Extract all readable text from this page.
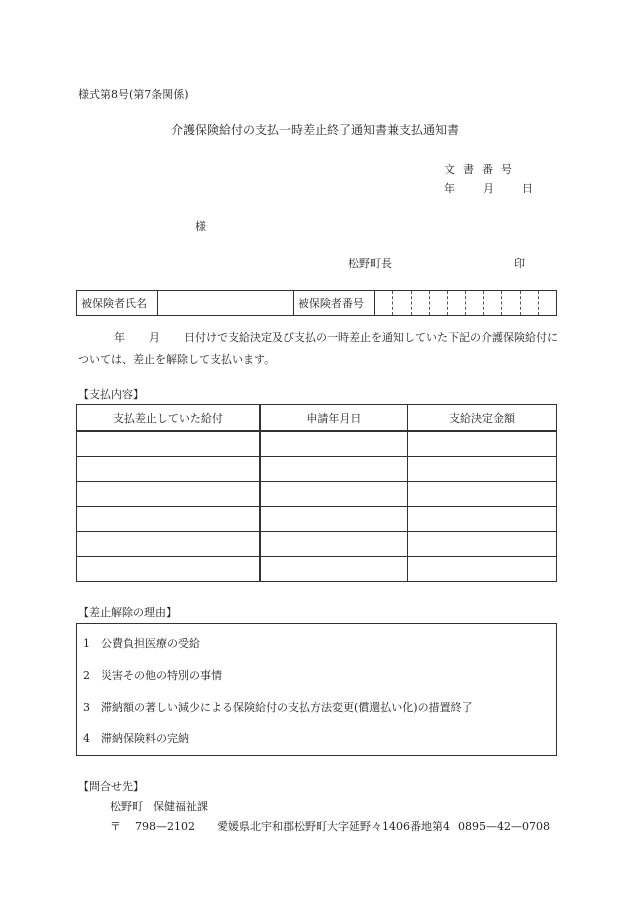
様式第8号(第7条関係)
介護保険給付の支払一時差止終了通知書兼支払通知書
文書番号
年	月	日
様
松野町長	印
被保険者氏名		被保険者番号	
年 月 日付けで支給決定及び支払の一時差止を通知していた下記の介護保険給付については、差止を解除して支払います。
【支払内容】
支払差止していた給付	申請年月日	支給決定金額

【差止解除の理由】
1 公費負担医療の受給
2 災害その他の特別の事情
3 滞納額の著しい減少による保険給付の支払方法変更(償還払い化)の措置終了
4 滞納保険料の完納
【問合せ先】
松野町 保健福祉課
〒 798—2102 愛媛県北宇和郡松野町大字延野々1406番地第4 0895—42—0708
